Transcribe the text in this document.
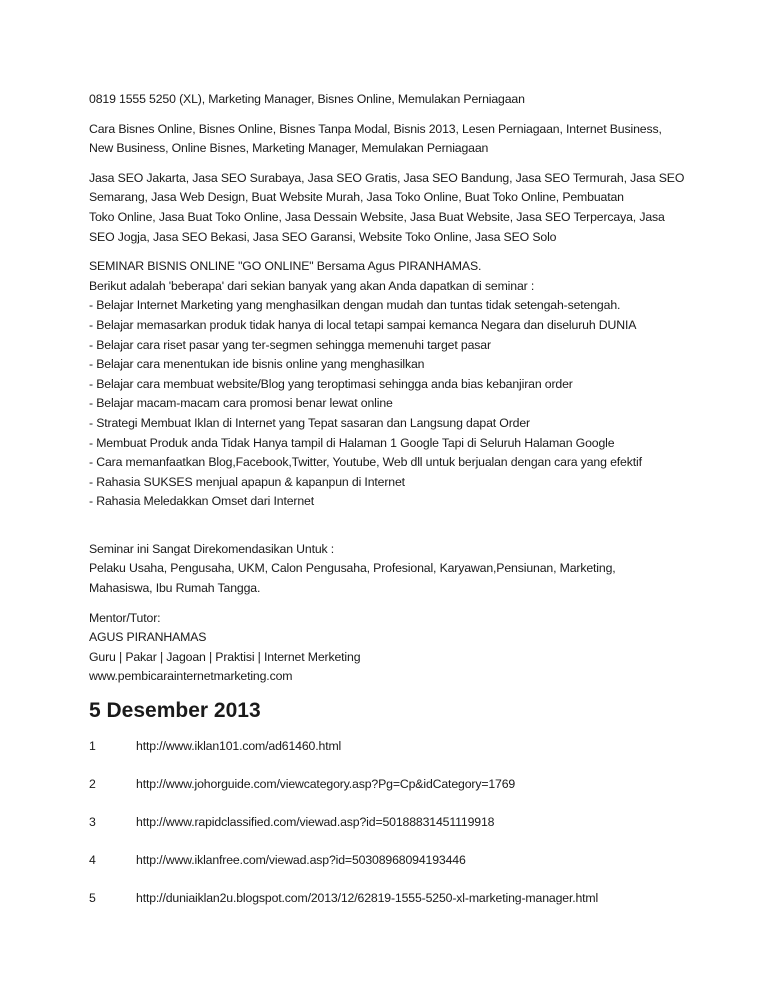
0819 1555 5250 (XL), Marketing Manager, Bisnes Online, Memulakan Perniagaan

Cara Bisnes Online, Bisnes Online, Bisnes Tanpa Modal, Bisnis 2013, Lesen Perniagaan, Internet Business,
New Business, Online Bisnes, Marketing Manager, Memulakan Perniagaan
Jasa SEO Jakarta, Jasa SEO Surabaya, Jasa SEO Gratis, Jasa SEO Bandung, Jasa SEO Termurah, Jasa SEO
Semarang, Jasa Web Design, Buat Website Murah, Jasa Toko Online, Buat Toko Online, Pembuatan
Toko Online, Jasa Buat Toko Online, Jasa Dessain Website, Jasa Buat Website, Jasa SEO Terpercaya, Jasa
SEO Jogja, Jasa SEO Bekasi, Jasa SEO Garansi, Website Toko Online, Jasa SEO Solo
SEMINAR BISNIS ONLINE "GO ONLINE" Bersama Agus PIRANHAMAS.
Berikut adalah 'beberapa' dari sekian banyak yang akan Anda dapatkan di seminar :
- Belajar Internet Marketing yang menghasilkan dengan mudah dan tuntas tidak setengah-setengah.
- Belajar memasarkan produk tidak hanya di local tetapi sampai kemanca Negara dan diseluruh DUNIA
- Belajar cara riset pasar yang ter-segmen sehingga memenuhi target pasar
- Belajar cara menentukan ide bisnis online yang menghasilkan
- Belajar cara membuat website/Blog yang teroptimasi sehingga anda bias kebanjiran order
- Belajar macam-macam cara promosi benar lewat online
- Strategi Membuat Iklan di Internet yang Tepat sasaran dan Langsung dapat Order
- Membuat Produk anda Tidak Hanya tampil di Halaman 1 Google Tapi di Seluruh Halaman Google
- Cara memanfaatkan Blog,Facebook,Twitter, Youtube, Web dll untuk berjualan dengan cara yang efektif
- Rahasia SUKSES menjual apapun & kapanpun di Internet
- Rahasia Meledakkan Omset dari Internet
Seminar ini Sangat Direkomendasikan Untuk :
Pelaku Usaha, Pengusaha, UKM, Calon Pengusaha, Profesional, Karyawan,Pensiunan, Marketing,
Mahasiswa, Ibu Rumah Tangga.
Mentor/Tutor:
AGUS PIRANHAMAS
Guru | Pakar | Jagoan | Praktisi | Internet Merketing
www.pembicarainternetmarketing.com
5 Desember 2013
1	http://www.iklan101.com/ad61460.html
2	http://www.johorguide.com/viewcategory.asp?Pg=Cp&idCategory=1769
3	http://www.rapidclassified.com/viewad.asp?id=50188831451119918
4	http://www.iklanfree.com/viewad.asp?id=50308968094193446
5	http://duniaiklan2u.blogspot.com/2013/12/62819-1555-5250-xl-marketing-manager.html
